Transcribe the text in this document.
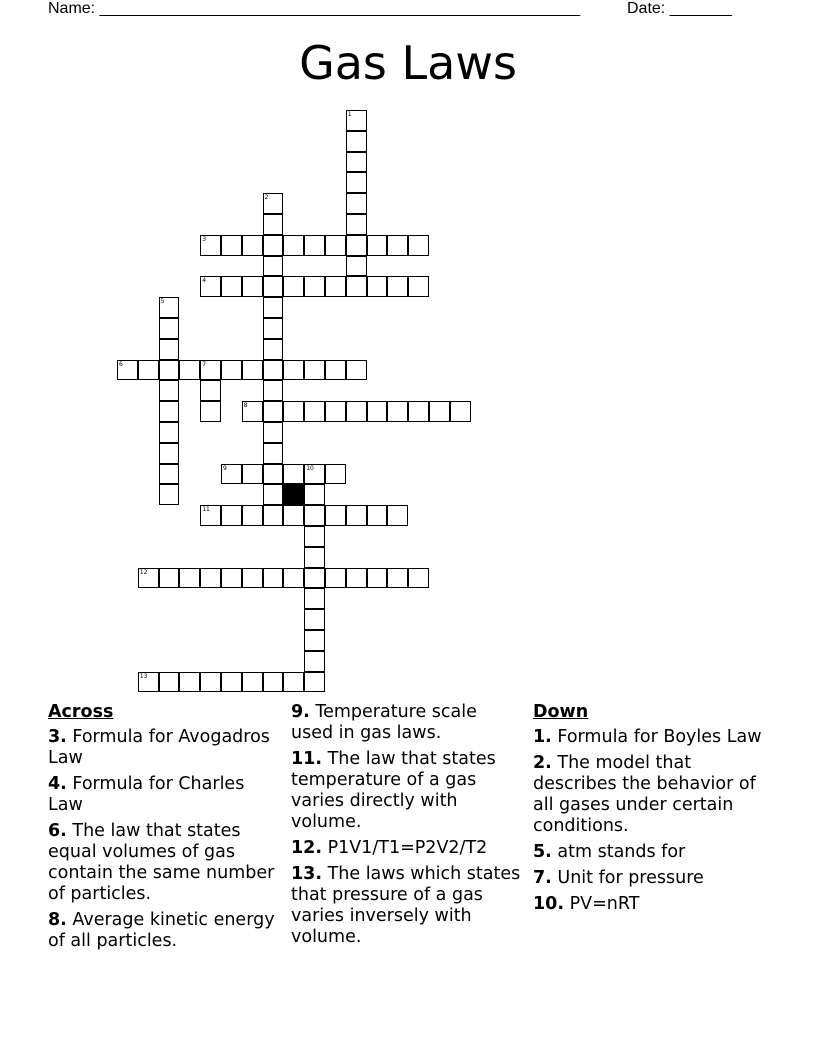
Name: ______________________________________________________	Date: _______
Gas Laws
1
2
3
4
5
6	7
8
9	10
11
12
13
Across
3. Formula for Avogadros Law
4. Formula for Charles Law
6. The law that states equal volumes of gas contain the same number of particles.
8. Average kinetic energy of all particles.
9. Temperature scale used in gas laws.
11. The law that states temperature of a gas varies directly with volume.
12. P1V1/T1=P2V2/T2
13. The laws which states that pressure of a gas varies inversely with volume.
Down
1. Formula for Boyles Law
2. The model that describes the behavior of all gases under certain conditions.
5. atm stands for
7. Unit for pressure
10. PV=nRT
